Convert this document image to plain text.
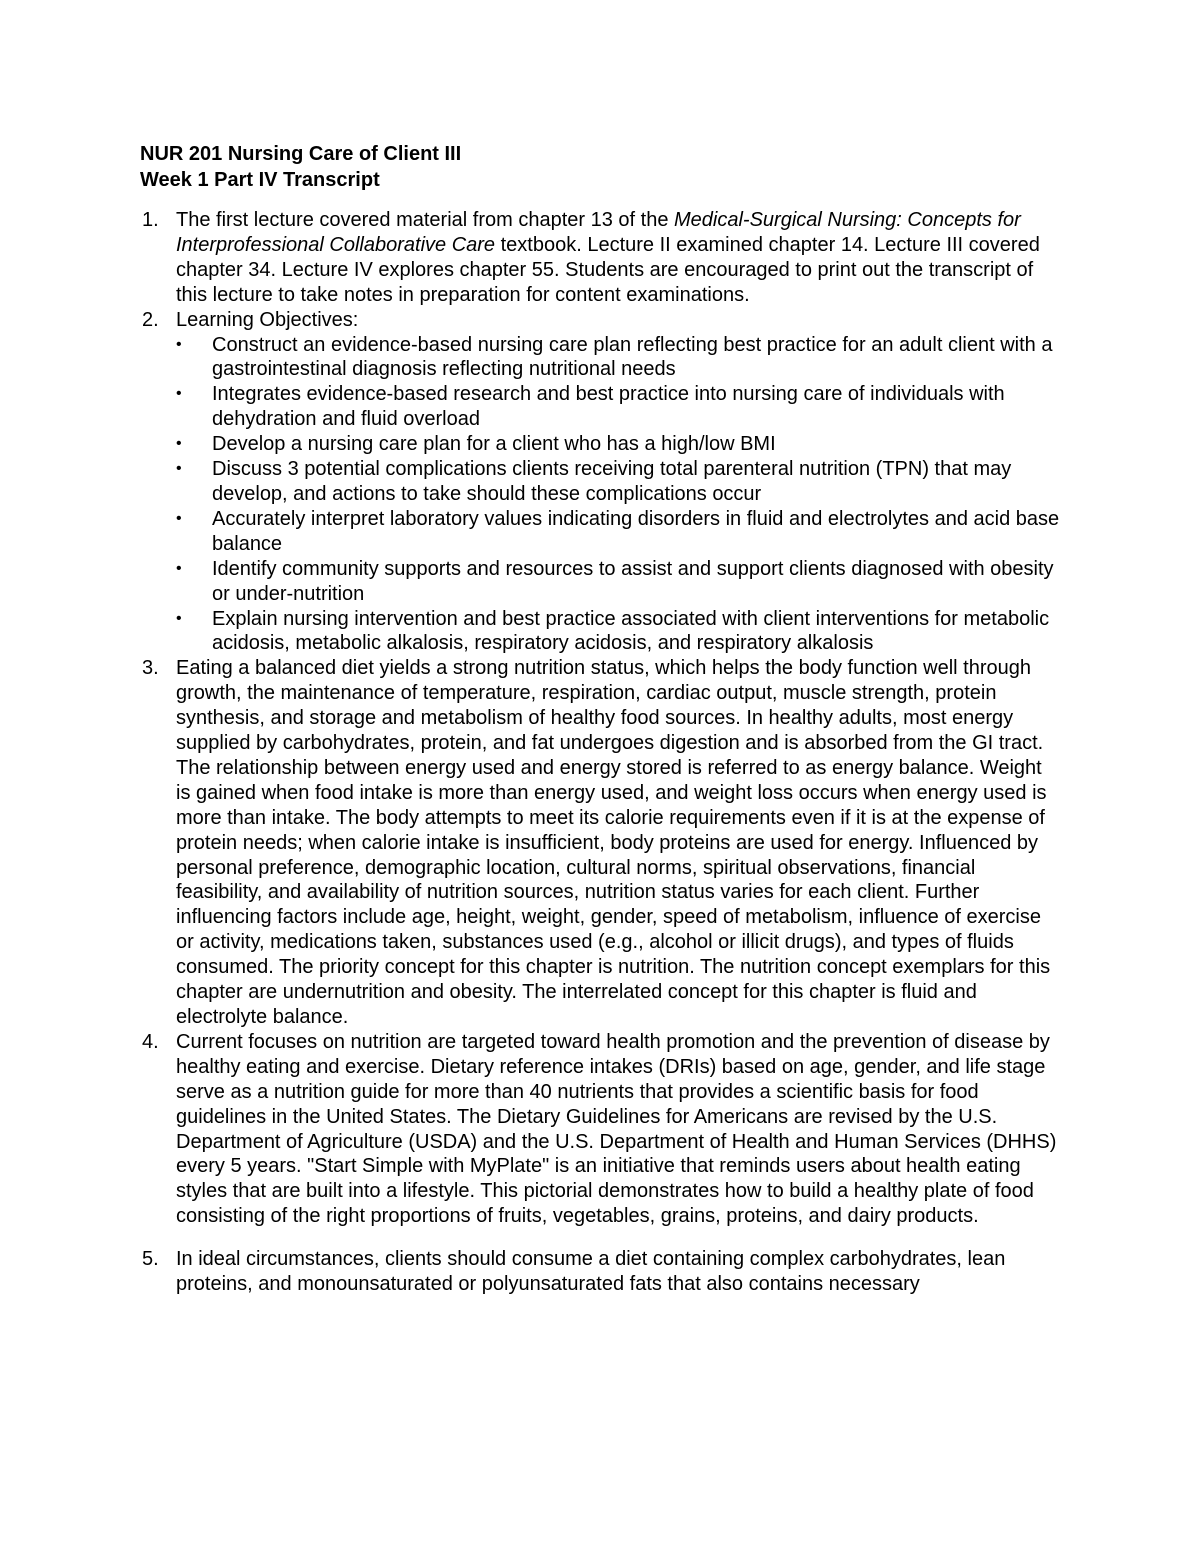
NUR 201 Nursing Care of Client III

Week 1 Part IV Transcript

1. The first lecture covered material from chapter 13 of the Medical-Surgical Nursing: Concepts for Interprofessional Collaborative Care textbook. Lecture II examined chapter 14. Lecture III covered chapter 34. Lecture IV explores chapter 55. Students are encouraged to print out the transcript of this lecture to take notes in preparation for content examinations.
2. Learning Objectives:
• Construct an evidence-based nursing care plan reflecting best practice for an adult client with a gastrointestinal diagnosis reflecting nutritional needs
• Integrates evidence-based research and best practice into nursing care of individuals with dehydration and fluid overload
• Develop a nursing care plan for a client who has a high/low BMI
• Discuss 3 potential complications clients receiving total parenteral nutrition (TPN) that may develop, and actions to take should these complications occur
• Accurately interpret laboratory values indicating disorders in fluid and electrolytes and acid base balance
• Identify community supports and resources to assist and support clients diagnosed with obesity or under-nutrition
• Explain nursing intervention and best practice associated with client interventions for metabolic acidosis, metabolic alkalosis, respiratory acidosis, and respiratory alkalosis
3. Eating a balanced diet yields a strong nutrition status, which helps the body function well through growth, the maintenance of temperature, respiration, cardiac output, muscle strength, protein synthesis, and storage and metabolism of healthy food sources. In healthy adults, most energy supplied by carbohydrates, protein, and fat undergoes digestion and is absorbed from the GI tract. The relationship between energy used and energy stored is referred to as energy balance. Weight is gained when food intake is more than energy used, and weight loss occurs when energy used is more than intake. The body attempts to meet its calorie requirements even if it is at the expense of protein needs; when calorie intake is insufficient, body proteins are used for energy. Influenced by personal preference, demographic location, cultural norms, spiritual observations, financial feasibility, and availability of nutrition sources, nutrition status varies for each client. Further influencing factors include age, height, weight, gender, speed of metabolism, influence of exercise or activity, medications taken, substances used (e.g., alcohol or illicit drugs), and types of fluids consumed. The priority concept for this chapter is nutrition. The nutrition concept exemplars for this chapter are undernutrition and obesity. The interrelated concept for this chapter is fluid and electrolyte balance.
4. Current focuses on nutrition are targeted toward health promotion and the prevention of disease by healthy eating and exercise. Dietary reference intakes (DRIs) based on age, gender, and life stage serve as a nutrition guide for more than 40 nutrients that provides a scientific basis for food guidelines in the United States. The Dietary Guidelines for Americans are revised by the U.S. Department of Agriculture (USDA) and the U.S. Department of Health and Human Services (DHHS) every 5 years. "Start Simple with MyPlate" is an initiative that reminds users about health eating styles that are built into a lifestyle. This pictorial demonstrates how to build a healthy plate of food consisting of the right proportions of fruits, vegetables, grains, proteins, and dairy products.
5. In ideal circumstances, clients should consume a diet containing complex carbohydrates, lean proteins, and monounsaturated or polyunsaturated fats that also contains necessary
